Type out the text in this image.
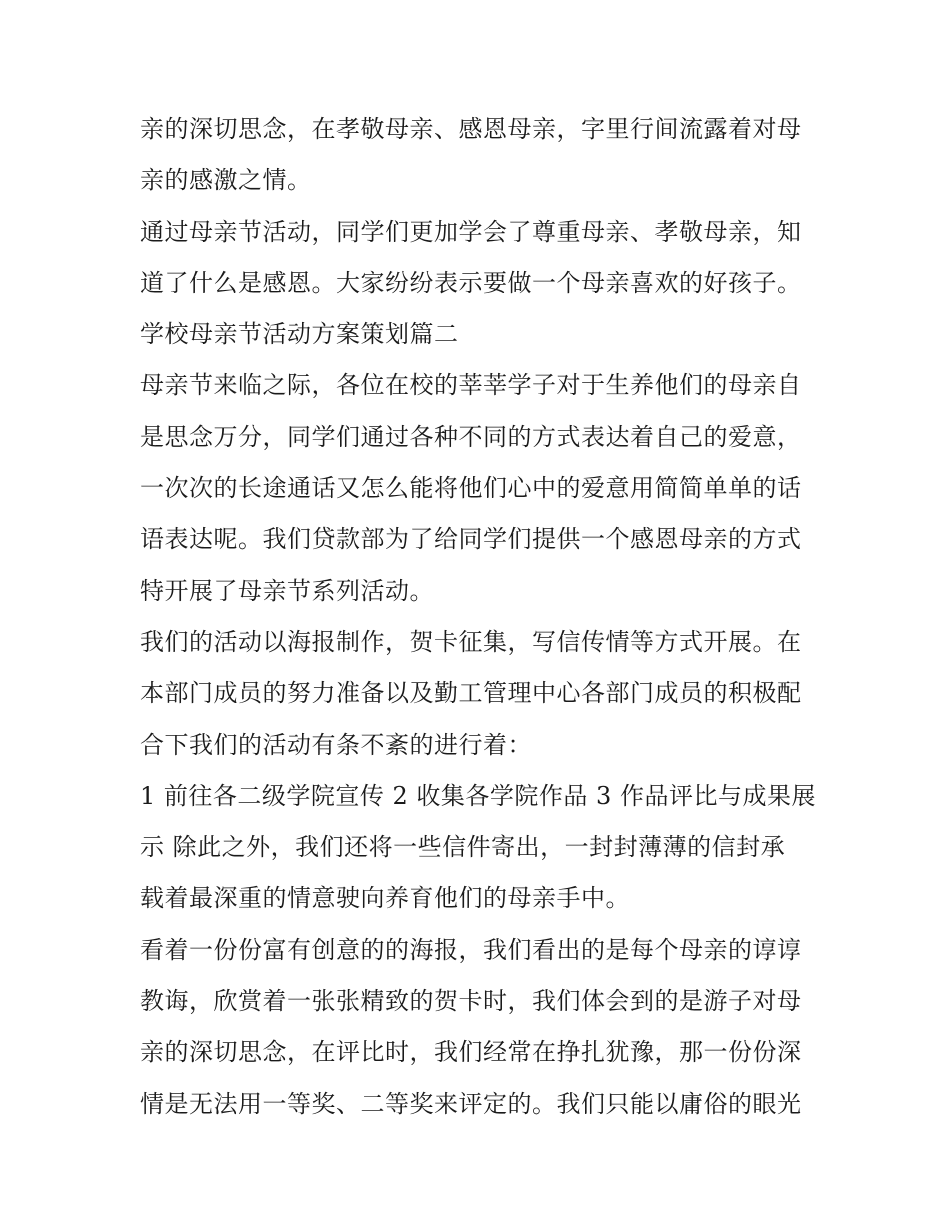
亲的深切思念，在孝敬母亲、感恩母亲，字里行间流露着对母
亲的感激之情。
通过母亲节活动，同学们更加学会了尊重母亲、孝敬母亲，知
道了什么是感恩。大家纷纷表示要做一个母亲喜欢的好孩子。
学校母亲节活动方案策划篇二
母亲节来临之际，各位在校的莘莘学子对于生养他们的母亲自
是思念万分，同学们通过各种不同的方式表达着自己的爱意，
一次次的长途通话又怎么能将他们心中的爱意用简简单单的话
语表达呢。我们贷款部为了给同学们提供一个感恩母亲的方式
特开展了母亲节系列活动。
我们的活动以海报制作，贺卡征集，写信传情等方式开展。在
本部门成员的努力准备以及勤工管理中心各部门成员的积极配
合下我们的活动有条不紊的进行着：
1 前往各二级学院宣传 2 收集各学院作品 3 作品评比与成果展
示 除此之外，我们还将一些信件寄出，一封封薄薄的信封承
载着最深重的情意驶向养育他们的母亲手中。
看着一份份富有创意的的海报，我们看出的是每个母亲的谆谆
教诲，欣赏着一张张精致的贺卡时，我们体会到的是游子对母
亲的深切思念，在评比时，我们经常在挣扎犹豫，那一份份深
情是无法用一等奖、二等奖来评定的。我们只能以庸俗的眼光
